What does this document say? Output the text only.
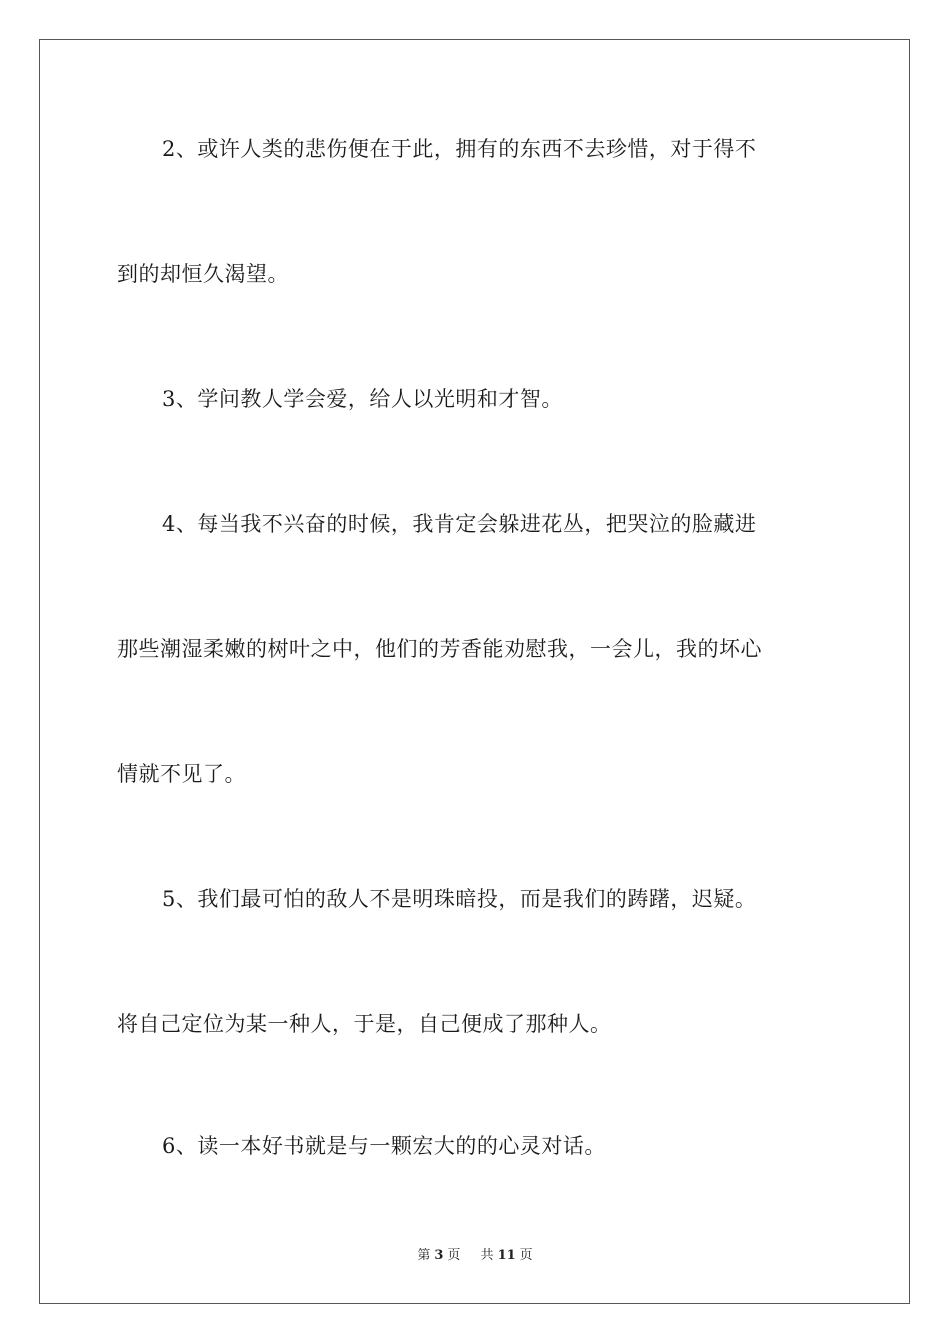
2、或许人类的悲伤便在于此，拥有的东西不去珍惜，对于得不
到的却恒久渴望。
3、学问教人学会爱，给人以光明和才智。
4、每当我不兴奋的时候，我肯定会躲进花丛，把哭泣的脸藏进
那些潮湿柔嫩的树叶之中，他们的芳香能劝慰我，一会儿，我的坏心
情就不见了。
5、我们最可怕的敌人不是明珠暗投，而是我们的踌躇，迟疑。
将自己定位为某一种人，于是，自己便成了那种人。
6、读一本好书就是与一颗宏大的的心灵对话。
第 3 页 共 11 页
